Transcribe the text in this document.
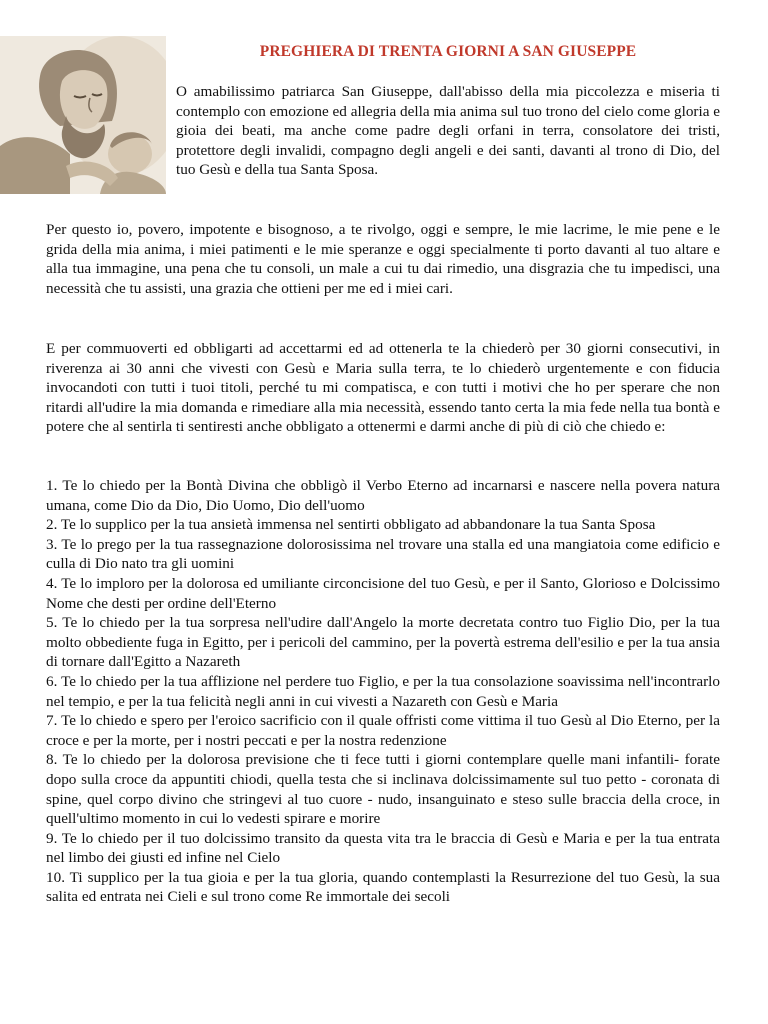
PREGHIERA DI TRENTA GIORNI A SAN GIUSEPPE

O amabilissimo patriarca San Giuseppe, dall'abisso della mia piccolezza e miseria ti contemplo con emozione ed allegria della mia anima sul tuo trono del cielo come gloria e gioia dei beati, ma anche come padre degli orfani in terra, consolatore dei tristi, protettore degli invalidi, compagno degli angeli e dei santi, davanti al trono di Dio, del tuo Gesù e della tua Santa Sposa.

Per questo io, povero, impotente e bisognoso, a te rivolgo, oggi e sempre, le mie lacrime, le mie pene e le grida della mia anima, i miei patimenti e le mie speranze e oggi specialmente ti porto davanti al tuo altare e alla tua immagine, una pena che tu consoli, un male a cui tu dai rimedio, una disgrazia che tu impedisci, una necessità che tu assisti, una grazia che ottieni per me ed i miei cari.

E per commuoverti ed obbligarti ad accettarmi ed ad ottenerla te la chiederò per 30 giorni consecutivi, in riverenza ai 30 anni che vivesti con Gesù e Maria sulla terra, te lo chiederò urgentemente e con fiducia invocandoti con tutti i tuoi titoli, perché tu mi compatisca, e con tutti i motivi che ho per sperare che non ritardi all'udire la mia domanda e rimediare alla mia necessità, essendo tanto certa la mia fede nella tua bontà e potere che al sentirla ti sentiresti anche obbligato a ottenermi e darmi anche di più di ciò che chiedo e:

1. Te lo chiedo per la Bontà Divina che obbligò il Verbo Eterno ad incarnarsi e nascere nella povera natura umana, come Dio da Dio, Dio Uomo, Dio dell'uomo
2. Te lo supplico per la tua ansietà immensa nel sentirti obbligato ad abbandonare la tua Santa Sposa
3. Te lo prego per la tua rassegnazione dolorosissima nel trovare una stalla ed una mangiatoia come edificio e culla di Dio nato tra gli uomini
4. Te lo imploro per la dolorosa ed umiliante circoncisione del tuo Gesù, e per il Santo, Glorioso e Dolcissimo Nome che desti per ordine dell'Eterno
5. Te lo chiedo per la tua sorpresa nell'udire dall'Angelo la morte decretata contro tuo Figlio Dio, per la tua molto obbediente fuga in Egitto, per i pericoli del cammino, per la povertà estrema dell'esilio e per la tua ansia di tornare dall'Egitto a Nazareth
6. Te lo chiedo per la tua afflizione nel perdere tuo Figlio, e per la tua consolazione soavissima nell'incontrarlo nel tempio, e per la tua felicità negli anni in cui vivesti a Nazareth con Gesù e Maria
7. Te lo chiedo e spero per l'eroico sacrificio con il quale offristi come vittima il tuo Gesù al Dio Eterno, per la croce e per la morte, per i nostri peccati e per la nostra redenzione
8. Te lo chiedo per la dolorosa previsione che ti fece tutti i giorni contemplare quelle mani infantili- forate dopo sulla croce da appuntiti chiodi, quella testa che si inclinava dolcissimamente sul tuo petto - coronata di spine, quel corpo divino che stringevi al tuo cuore - nudo, insanguinato e steso sulle braccia della croce, in quell'ultimo momento in cui lo vedesti spirare e morire
9. Te lo chiedo per il tuo dolcissimo transito da questa vita tra le braccia di Gesù e Maria e per la tua entrata nel limbo dei giusti ed infine nel Cielo
10. Ti supplico per la tua gioia e per la tua gloria, quando contemplasti la Resurrezione del tuo Gesù, la sua salita ed entrata nei Cieli e sul trono come Re immortale dei secoli
